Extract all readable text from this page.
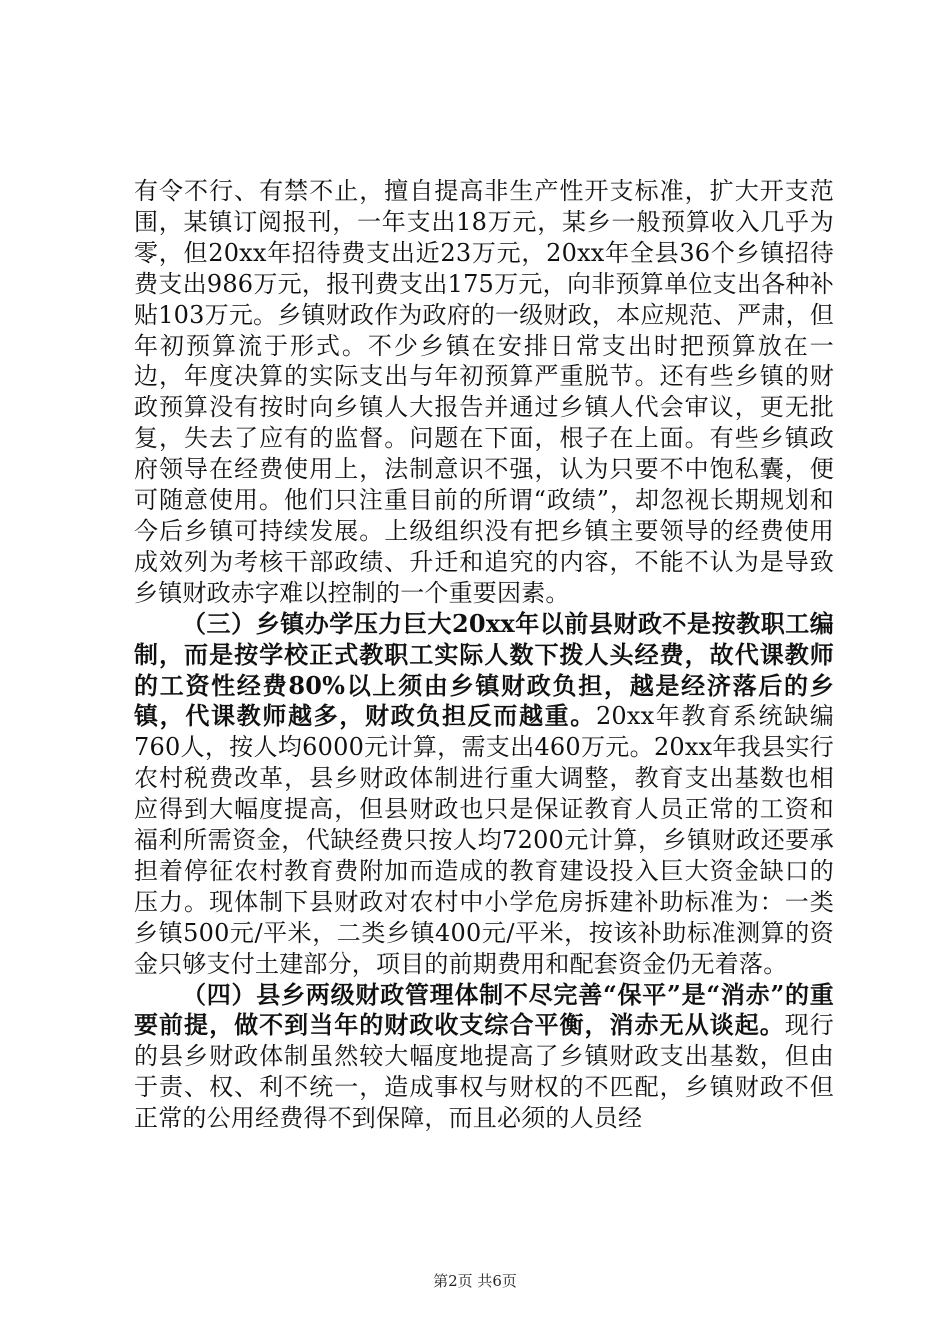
有令不行、有禁不止，擅自提高非生产性开支标准，扩大开支范围，某镇订阅报刊，一年支出18万元，某乡一般预算收入几乎为零，但20xx年招待费支出近23万元，20xx年全县36个乡镇招待费支出986万元，报刊费支出175万元，向非预算单位支出各种补贴103万元。乡镇财政作为政府的一级财政，本应规范、严肃，但年初预算流于形式。不少乡镇在安排日常支出时把预算放在一边，年度决算的实际支出与年初预算严重脱节。还有些乡镇的财政预算没有按时向乡镇人大报告并通过乡镇人代会审议，更无批复，失去了应有的监督。问题在下面，根子在上面。有些乡镇政府领导在经费使用上，法制意识不强，认为只要不中饱私囊，便可随意使用。他们只注重目前的所谓“政绩”，却忽视长期规划和今后乡镇可持续发展。上级组织没有把乡镇主要领导的经费使用成效列为考核干部政绩、升迁和追究的内容，不能不认为是导致乡镇财政赤字难以控制的一个重要因素。

（三）乡镇办学压力巨大20xx年以前县财政不是按教职工编制，而是按学校正式教职工实际人数下拨人头经费，故代课教师的工资性经费80%以上须由乡镇财政负担，越是经济落后的乡镇，代课教师越多，财政负担反而越重。20xx年教育系统缺编760人，按人均6000元计算，需支出460万元。20xx年我县实行农村税费改革，县乡财政体制进行重大调整，教育支出基数也相应得到大幅度提高，但县财政也只是保证教育人员正常的工资和福利所需资金，代缺经费只按人均7200元计算，乡镇财政还要承担着停征农村教育费附加而造成的教育建设投入巨大资金缺口的压力。现体制下县财政对农村中小学危房拆建补助标准为：一类乡镇500元/平米，二类乡镇400元/平米，按该补助标准测算的资金只够支付土建部分，项目的前期费用和配套资金仍无着落。

（四）县乡两级财政管理体制不尽完善“保平”是“消赤”的重要前提，做不到当年的财政收支综合平衡，消赤无从谈起。现行的县乡财政体制虽然较大幅度地提高了乡镇财政支出基数，但由于责、权、利不统一，造成事权与财权的不匹配，乡镇财政不但正常的公用经费得不到保障，而且必须的人员经

第2页 共6页
